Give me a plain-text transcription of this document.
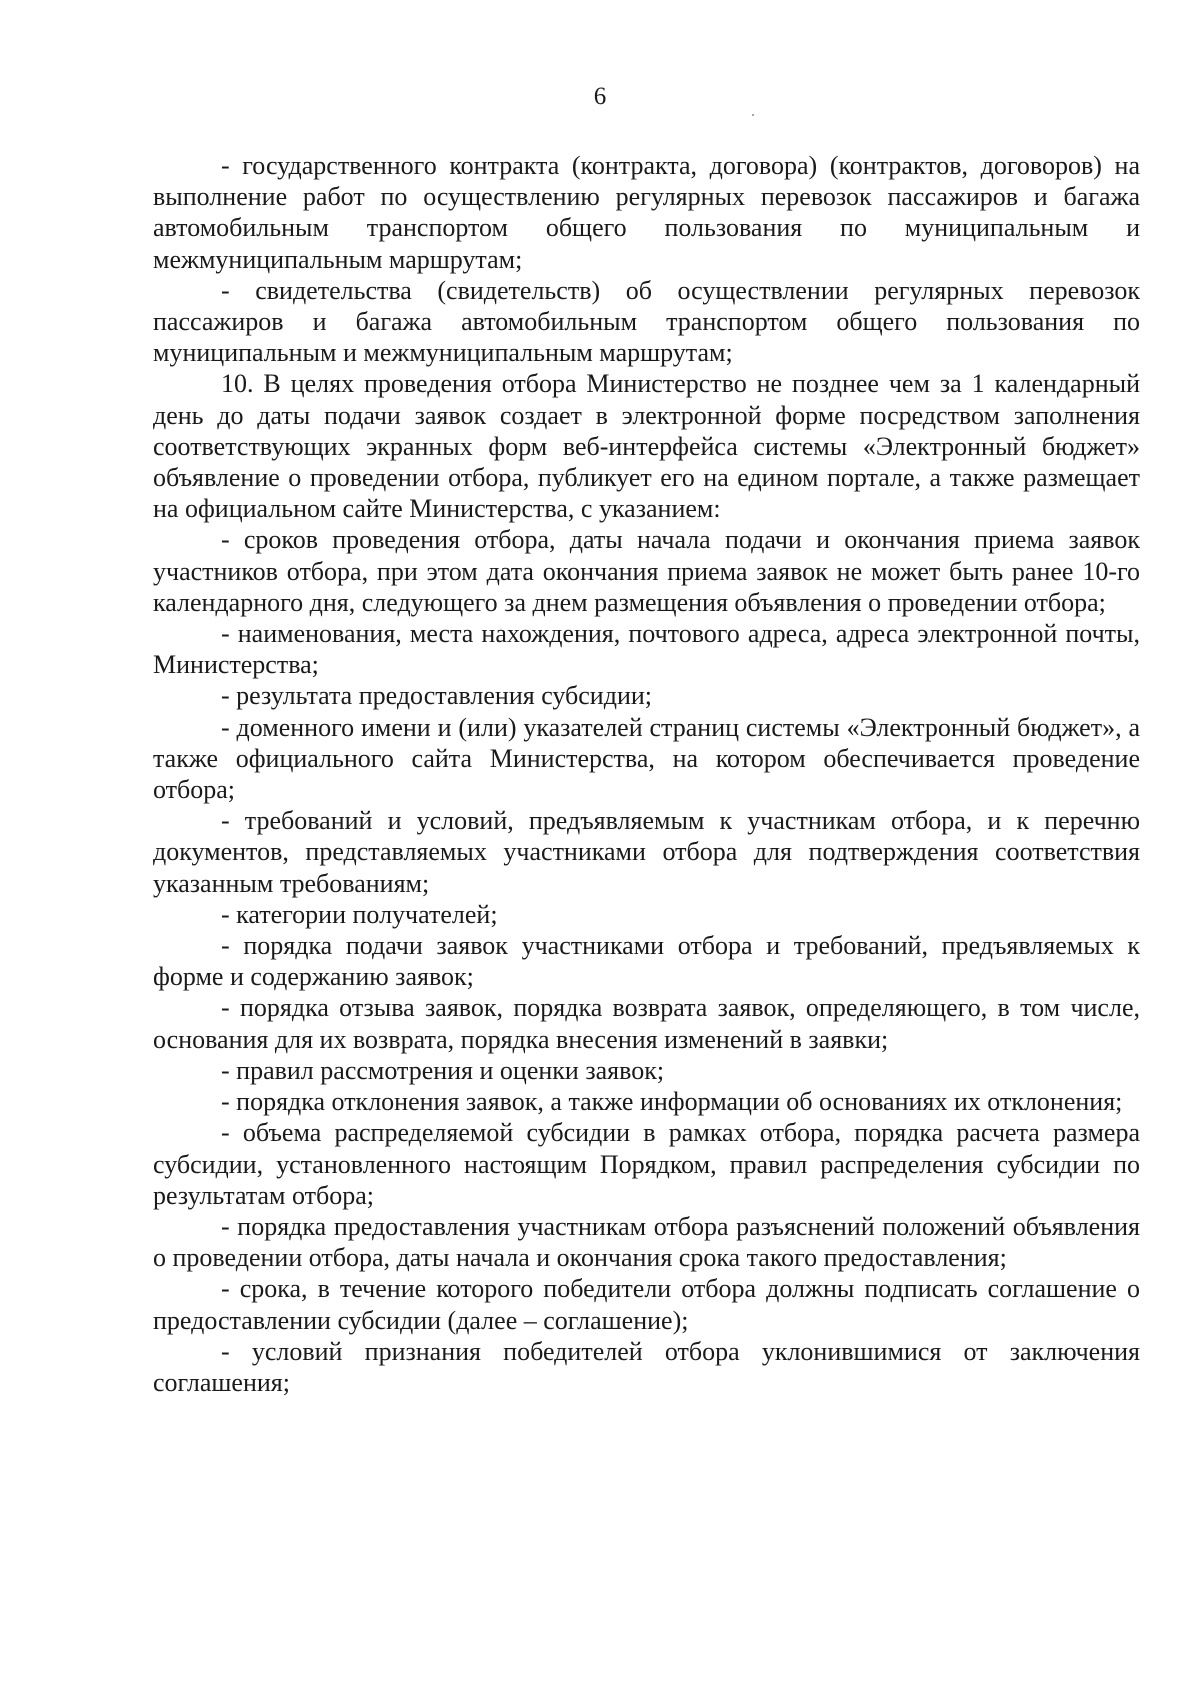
6

- государственного контракта (контракта, договора) (контрактов, договоров) на выполнение работ по осуществлению регулярных перевозок пассажиров и багажа автомобильным транспортом общего пользования по муниципальным и межмуниципальным маршрутам;

- свидетельства (свидетельств) об осуществлении регулярных перевозок пассажиров и багажа автомобильным транспортом общего пользования по муниципальным и межмуниципальным маршрутам;

10. В целях проведения отбора Министерство не позднее чем за 1 календарный день до даты подачи заявок создает в электронной форме посредством заполнения соответствующих экранных форм веб-интерфейса системы «Электронный бюджет» объявление о проведении отбора, публикует его на едином портале, а также размещает на официальном сайте Министерства, с указанием:

- сроков проведения отбора, даты начала подачи и окончания приема заявок участников отбора, при этом дата окончания приема заявок не может быть ранее 10-го календарного дня, следующего за днем размещения объявления о проведении отбора;

- наименования, места нахождения, почтового адреса, адреса электронной почты, Министерства;

- результата предоставления субсидии;

- доменного имени и (или) указателей страниц системы «Электронный бюджет», а также официального сайта Министерства, на котором обеспечивается проведение отбора;

- требований и условий, предъявляемым к участникам отбора, и к перечню документов, представляемых участниками отбора для подтверждения соответствия указанным требованиям;

- категории получателей;

- порядка подачи заявок участниками отбора и требований, предъявляемых к форме и содержанию заявок;

- порядка отзыва заявок, порядка возврата заявок, определяющего, в том числе, основания для их возврата, порядка внесения изменений в заявки;

- правил рассмотрения и оценки заявок;

- порядка отклонения заявок, а также информации об основаниях их отклонения;

- объема распределяемой субсидии в рамках отбора, порядка расчета размера субсидии, установленного настоящим Порядком, правил распределения субсидии по результатам отбора;

- порядка предоставления участникам отбора разъяснений положений объявления о проведении отбора, даты начала и окончания срока такого предоставления;

- срока, в течение которого победители отбора должны подписать соглашение о предоставлении субсидии (далее – соглашение);

- условий признания победителей отбора уклонившимися от заключения соглашения;
